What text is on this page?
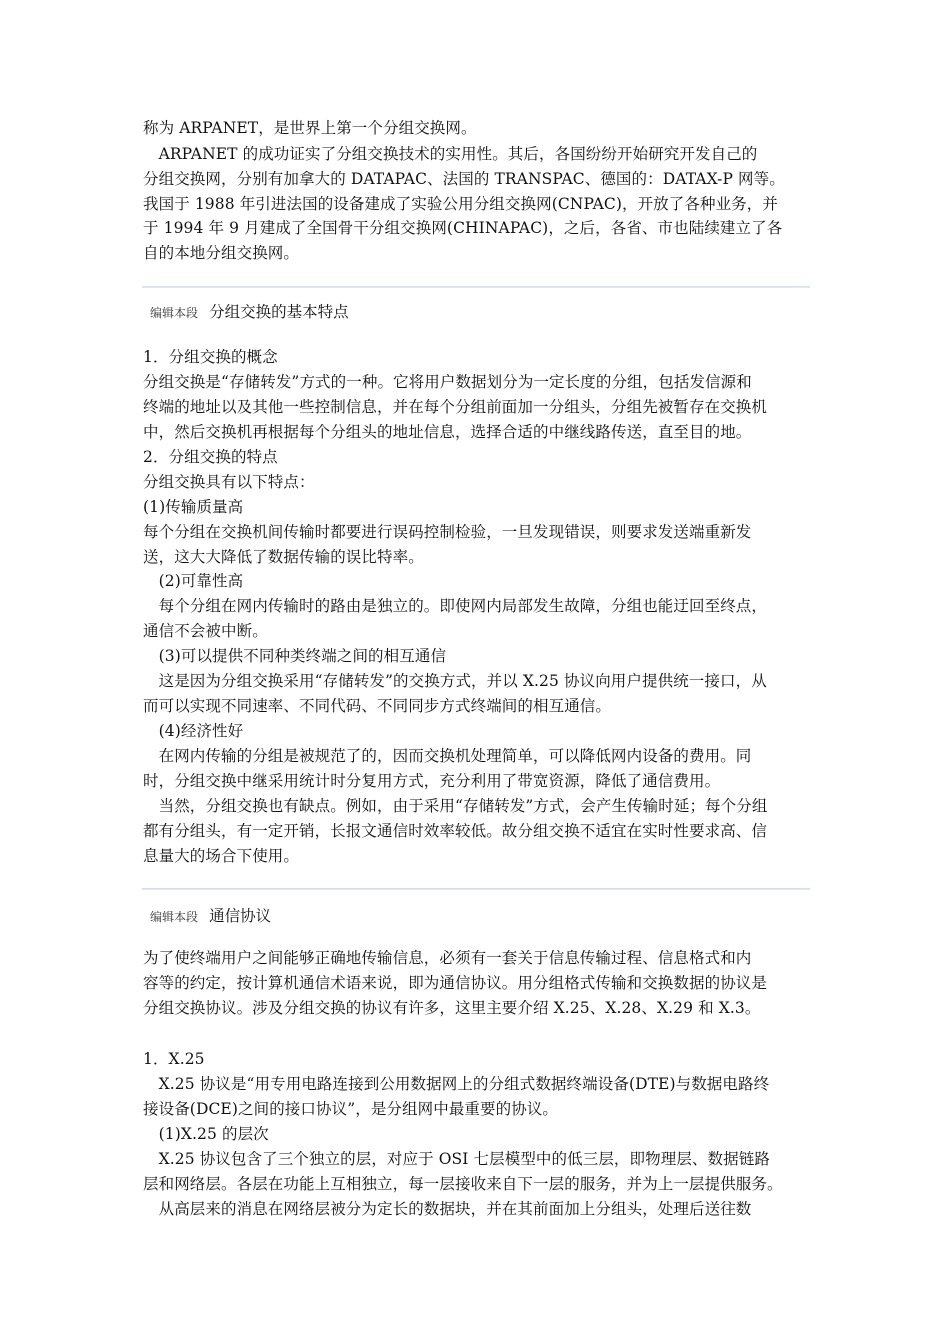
称为 ARPANET，是世界上第一个分组交换网。
　ARPANET 的成功证实了分组交换技术的实用性。其后，各国纷纷开始研究开发自己的
分组交换网，分别有加拿大的 DATAPAC、法国的 TRANSPAC、德国的：DATAX-P 网等。
我国于 1988 年引进法国的设备建成了实验公用分组交换网(CNPAC)，开放了各种业务，并
于 1994 年 9 月建成了全国骨干分组交换网(CHINAPAC)，之后，各省、市也陆续建立了各
自的本地分组交换网。
编辑本段 分组交换的基本特点
1．分组交换的概念
分组交换是“存储转发”方式的一种。它将用户数据划分为一定长度的分组，包括发信源和
终端的地址以及其他一些控制信息，并在每个分组前面加一分组头，分组先被暂存在交换机
中，然后交换机再根据每个分组头的地址信息，选择合适的中继线路传送，直至目的地。
2．分组交换的特点
分组交换具有以下特点：
(1)传输质量高
每个分组在交换机间传输时都要进行误码控制检验，一旦发现错误，则要求发送端重新发
送，这大大降低了数据传输的误比特率。
　(2)可靠性高
　每个分组在网内传输时的路由是独立的。即使网内局部发生故障，分组也能迂回至终点，
通信不会被中断。
　(3)可以提供不同种类终端之间的相互通信
　这是因为分组交换采用“存储转发”的交换方式，并以 X.25 协议向用户提供统一接口，从
而可以实现不同速率、不同代码、不同同步方式终端间的相互通信。
　(4)经济性好
　在网内传输的分组是被规范了的，因而交换机处理简单，可以降低网内设备的费用。同
时，分组交换中继采用统计时分复用方式，充分利用了带宽资源，降低了通信费用。
　当然，分组交换也有缺点。例如，由于采用“存储转发”方式，会产生传输时延；每个分组
都有分组头，有一定开销，长报文通信时效率较低。故分组交换不适宜在实时性要求高、信
息量大的场合下使用。
编辑本段 通信协议
为了使终端用户之间能够正确地传输信息，必须有一套关于信息传输过程、信息格式和内
容等的约定，按计算机通信术语来说，即为通信协议。用分组格式传输和交换数据的协议是
分组交换协议。涉及分组交换的协议有许多，这里主要介绍 X.25、X.28、X.29 和 X.3。
1．X.25
　X.25 协议是“用专用电路连接到公用数据网上的分组式数据终端设备(DTE)与数据电路终
接设备(DCE)之间的接口协议”，是分组网中最重要的协议。
　(1)X.25 的层次
　X.25 协议包含了三个独立的层，对应于 OSI 七层模型中的低三层，即物理层、数据链路
层和网络层。各层在功能上互相独立，每一层接收来自下一层的服务，并为上一层提供服务。
　从高层来的消息在网络层被分为定长的数据块，并在其前面加上分组头，处理后送往数
